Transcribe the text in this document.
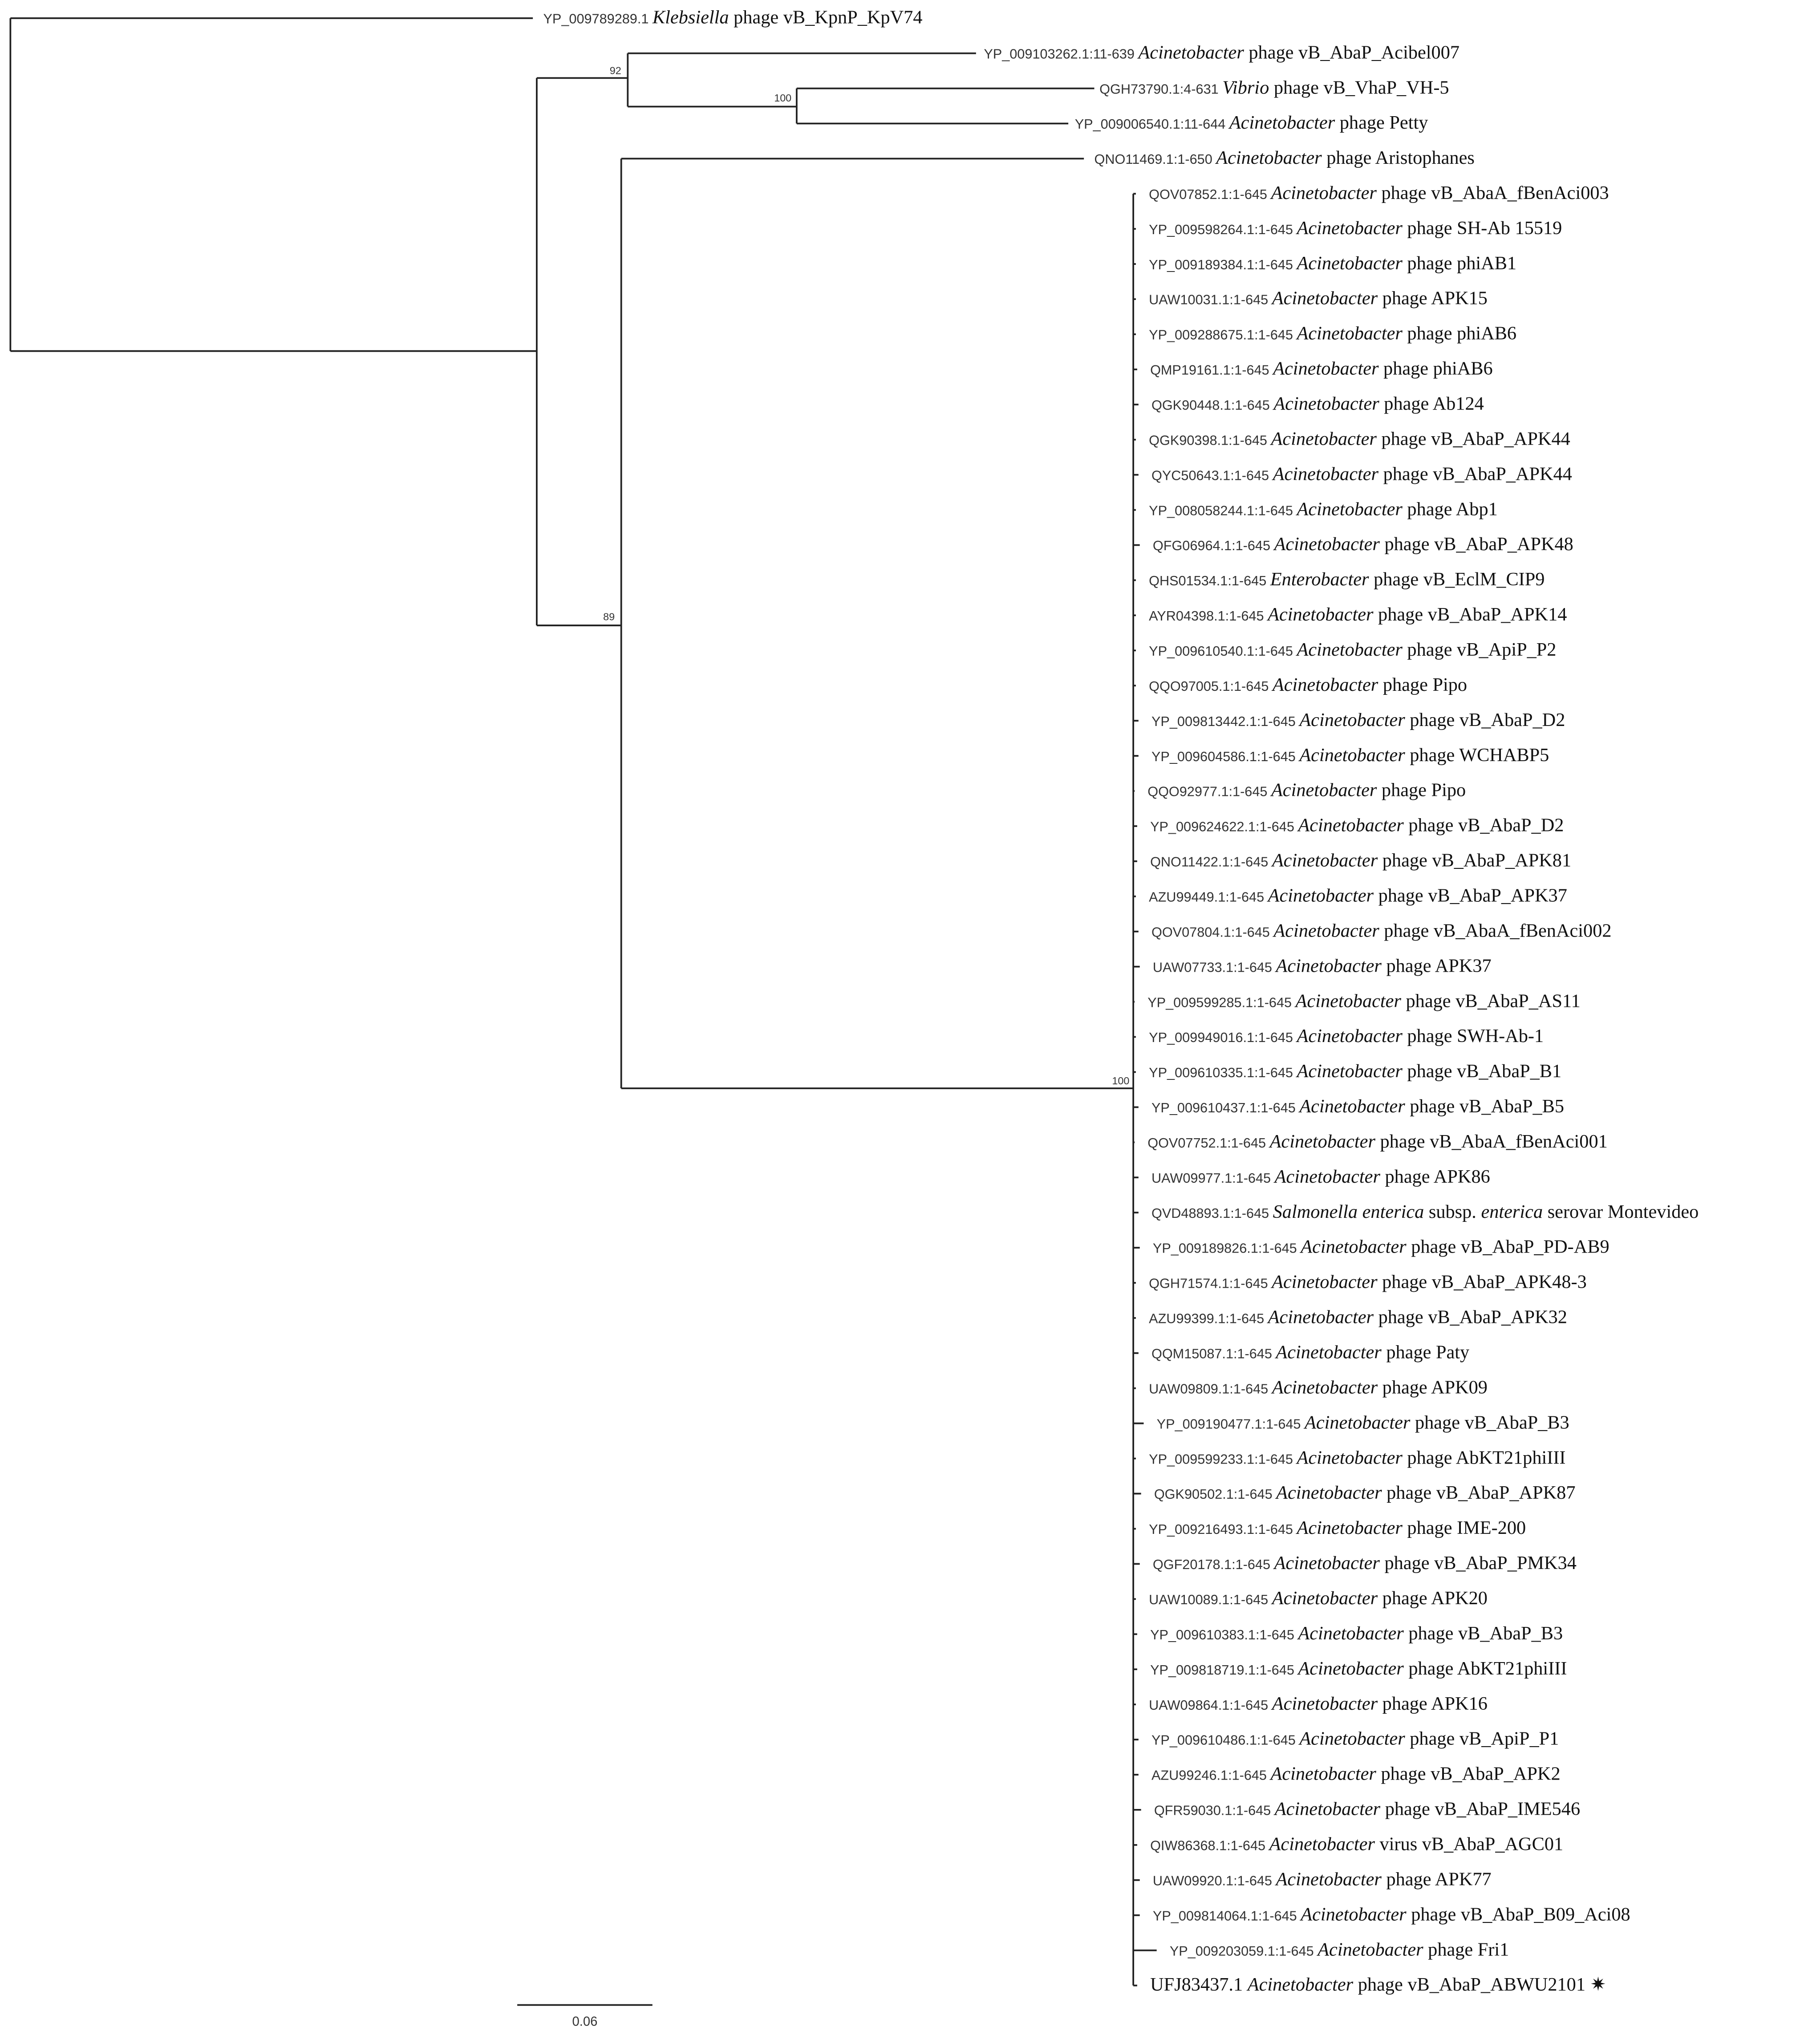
92
100
89
100
0.06
YP_009789289.1 Klebsiella phage vB_KpnP_KpV74
YP_009103262.1:11-639 Acinetobacter phage vB_AbaP_Acibel007
QGH73790.1:4-631 Vibrio phage vB_VhaP_VH-5
YP_009006540.1:11-644 Acinetobacter phage Petty
QNO11469.1:1-650 Acinetobacter phage Aristophanes
QOV07852.1:1-645 Acinetobacter phage vB_AbaA_fBenAci003
YP_009598264.1:1-645 Acinetobacter phage SH-Ab 15519
YP_009189384.1:1-645 Acinetobacter phage phiAB1
UAW10031.1:1-645 Acinetobacter phage APK15
YP_009288675.1:1-645 Acinetobacter phage phiAB6
QMP19161.1:1-645 Acinetobacter phage phiAB6
QGK90448.1:1-645 Acinetobacter phage Ab124
QGK90398.1:1-645 Acinetobacter phage vB_AbaP_APK44
QYC50643.1:1-645 Acinetobacter phage vB_AbaP_APK44
YP_008058244.1:1-645 Acinetobacter phage Abp1
QFG06964.1:1-645 Acinetobacter phage vB_AbaP_APK48
QHS01534.1:1-645 Enterobacter phage vB_EclM_CIP9
AYR04398.1:1-645 Acinetobacter phage vB_AbaP_APK14
YP_009610540.1:1-645 Acinetobacter phage vB_ApiP_P2
QQO97005.1:1-645 Acinetobacter phage Pipo
YP_009813442.1:1-645 Acinetobacter phage vB_AbaP_D2
YP_009604586.1:1-645 Acinetobacter phage WCHABP5
QQO92977.1:1-645 Acinetobacter phage Pipo
YP_009624622.1:1-645 Acinetobacter phage vB_AbaP_D2
QNO11422.1:1-645 Acinetobacter phage vB_AbaP_APK81
AZU99449.1:1-645 Acinetobacter phage vB_AbaP_APK37
QOV07804.1:1-645 Acinetobacter phage vB_AbaA_fBenAci002
UAW07733.1:1-645 Acinetobacter phage APK37
YP_009599285.1:1-645 Acinetobacter phage vB_AbaP_AS11
YP_009949016.1:1-645 Acinetobacter phage SWH-Ab-1
YP_009610335.1:1-645 Acinetobacter phage vB_AbaP_B1
YP_009610437.1:1-645 Acinetobacter phage vB_AbaP_B5
QOV07752.1:1-645 Acinetobacter phage vB_AbaA_fBenAci001
UAW09977.1:1-645 Acinetobacter phage APK86
QVD48893.1:1-645 Salmonella enterica subsp. enterica serovar Montevideo
YP_009189826.1:1-645 Acinetobacter phage vB_AbaP_PD-AB9
QGH71574.1:1-645 Acinetobacter phage vB_AbaP_APK48-3
AZU99399.1:1-645 Acinetobacter phage vB_AbaP_APK32
QQM15087.1:1-645 Acinetobacter phage Paty
UAW09809.1:1-645 Acinetobacter phage APK09
YP_009190477.1:1-645 Acinetobacter phage vB_AbaP_B3
YP_009599233.1:1-645 Acinetobacter phage AbKT21phiIII
QGK90502.1:1-645 Acinetobacter phage vB_AbaP_APK87
YP_009216493.1:1-645 Acinetobacter phage IME-200
QGF20178.1:1-645 Acinetobacter phage vB_AbaP_PMK34
UAW10089.1:1-645 Acinetobacter phage APK20
YP_009610383.1:1-645 Acinetobacter phage vB_AbaP_B3
YP_009818719.1:1-645 Acinetobacter phage AbKT21phiIII
UAW09864.1:1-645 Acinetobacter phage APK16
YP_009610486.1:1-645 Acinetobacter phage vB_ApiP_P1
AZU99246.1:1-645 Acinetobacter phage vB_AbaP_APK2
QFR59030.1:1-645 Acinetobacter phage vB_AbaP_IME546
QIW86368.1:1-645 Acinetobacter virus vB_AbaP_AGC01
UAW09920.1:1-645 Acinetobacter phage APK77
YP_009814064.1:1-645 Acinetobacter phage vB_AbaP_B09_Aci08
YP_009203059.1:1-645 Acinetobacter phage Fri1
UFJ83437.1 Acinetobacter phage vB_AbaP_ABWU2101 ✷
